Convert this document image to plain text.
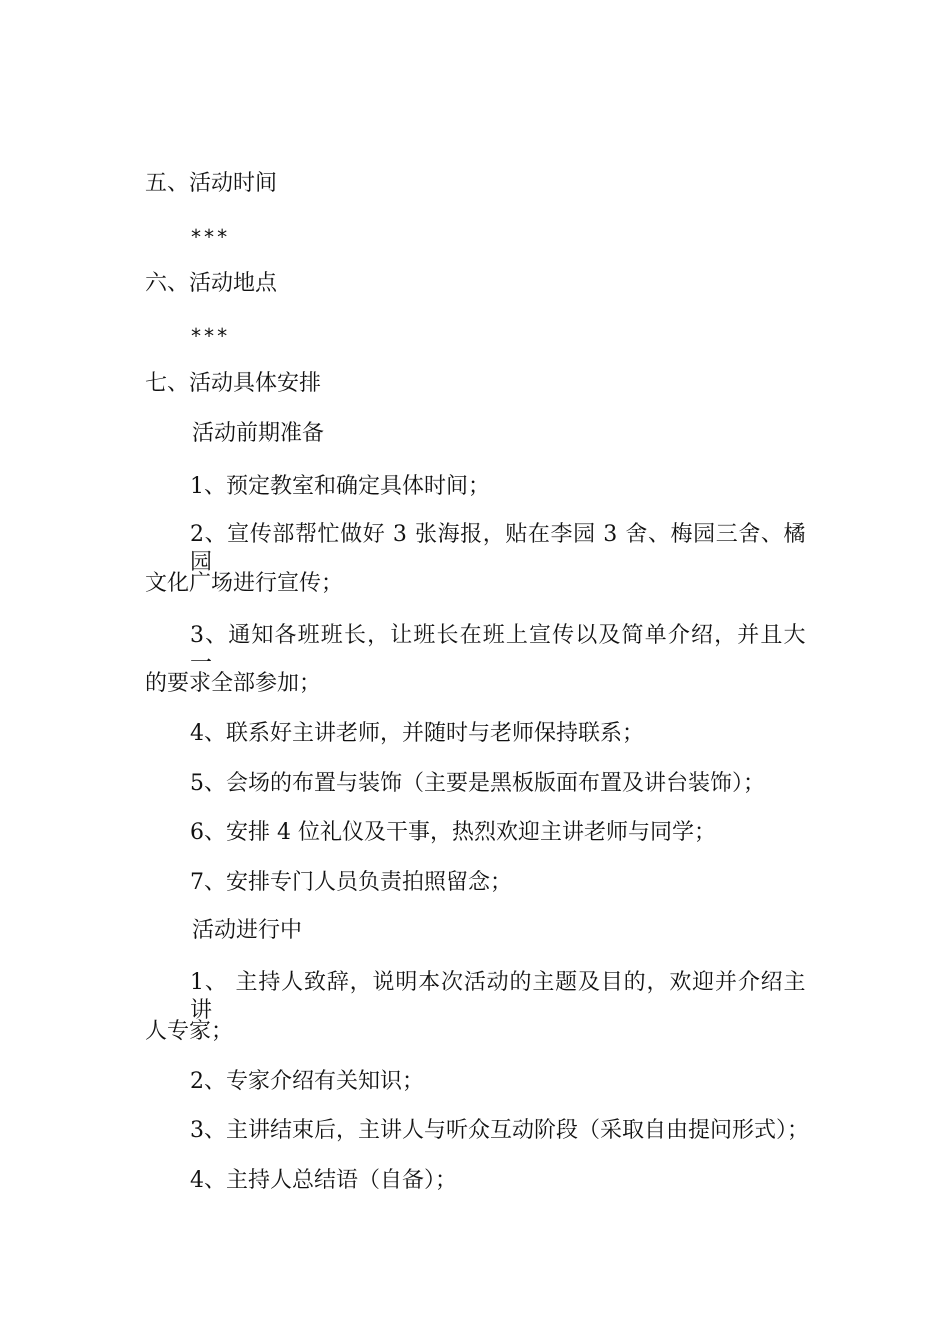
五、活动时间
***
六、活动地点
***
七、活动具体安排
活动前期准备
1、预定教室和确定具体时间；
2、宣传部帮忙做好 3 张海报，贴在李园 3 舍、梅园三舍、橘园
文化广场进行宣传；
3、通知各班班长，让班长在班上宣传以及简单介绍，并且大一
的要求全部参加；
4、联系好主讲老师，并随时与老师保持联系；
5、会场的布置与装饰（主要是黑板版面布置及讲台装饰）；
6、安排 4 位礼仪及干事，热烈欢迎主讲老师与同学；
7、安排专门人员负责拍照留念；
活动进行中
1、 主持人致辞，说明本次活动的主题及目的，欢迎并介绍主讲
人专家；
2、专家介绍有关知识；
3、主讲结束后，主讲人与听众互动阶段（采取自由提问形式）；
4、主持人总结语（自备）；
